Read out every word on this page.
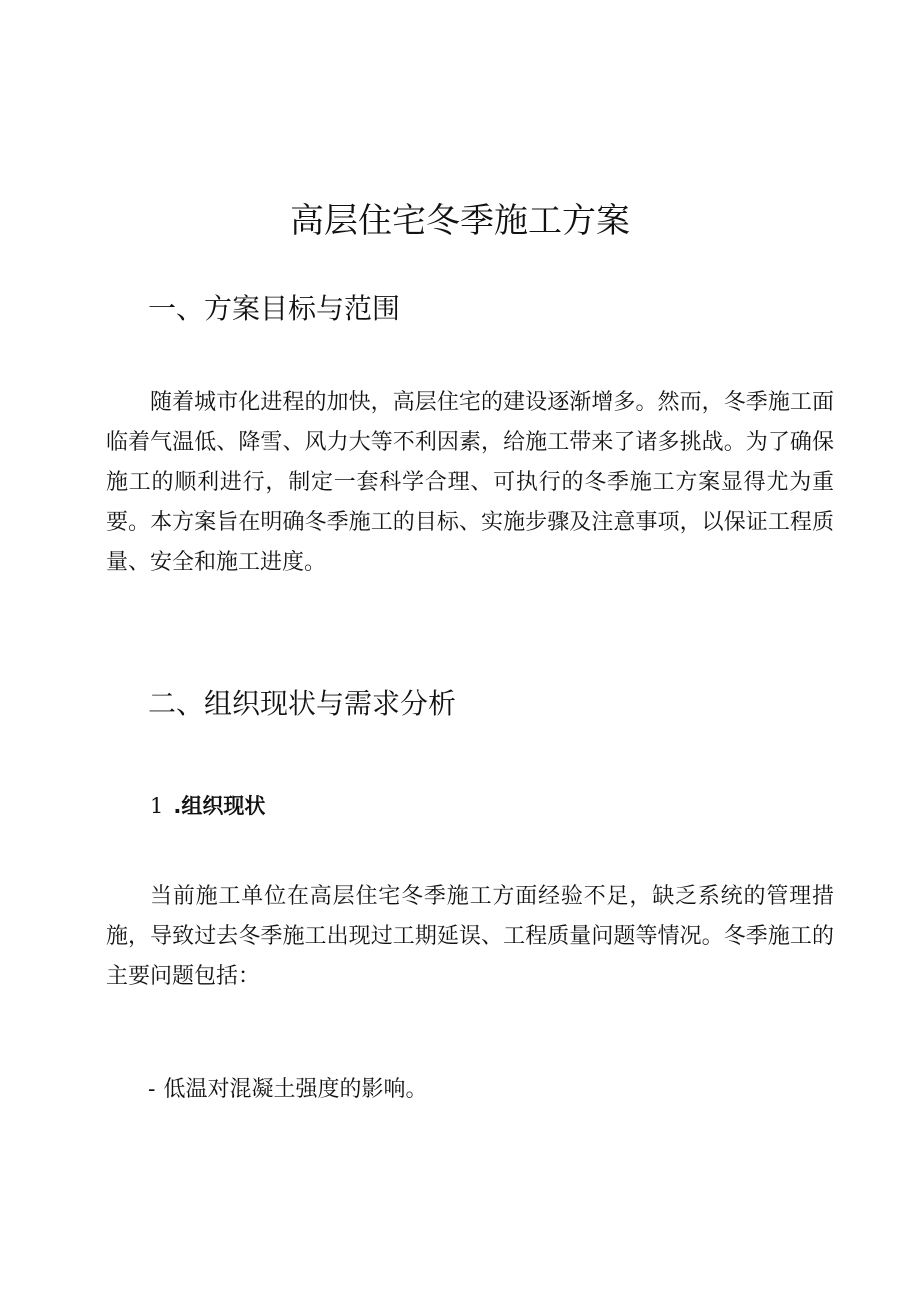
高层住宅冬季施工方案
一、方案目标与范围

随着城市化进程的加快，高层住宅的建设逐渐增多。然而，冬季施工面临着气温低、降雪、风力大等不利因素，给施工带来了诸多挑战。为了确保施工的顺利进行，制定一套科学合理、可执行的冬季施工方案显得尤为重要。本方案旨在明确冬季施工的目标、实施步骤及注意事项，以保证工程质量、安全和施工进度。

二、组织现状与需求分析
1 .组织现状

当前施工单位在高层住宅冬季施工方面经验不足，缺乏系统的管理措施，导致过去冬季施工出现过工期延误、工程质量问题等情况。冬季施工的主要问题包括：

- 低温对混凝土强度的影响。
